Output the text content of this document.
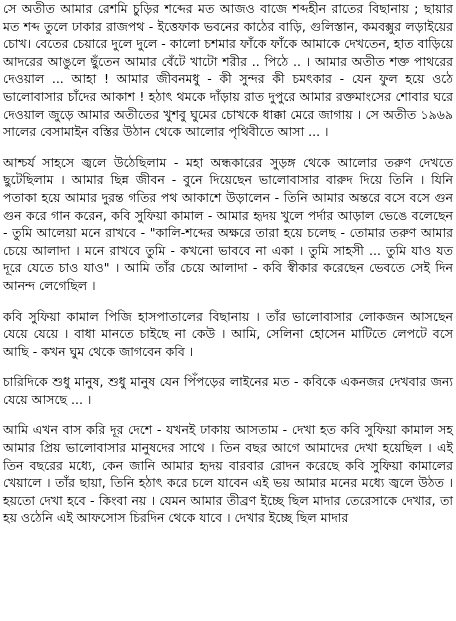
সে অতীত আমার রেশমি চুড়ির শব্দের মত আজও বাজে শব্দহীন রাতের বিছানায় ; ছায়ার মত শব্দ তুলে ঢাকার রাজপথ - ইত্তেফাক ভবনের কাঠের বাড়ি, গুলিস্তান, কমবক্সুর লড়াইয়ের চোখ। বেতের চেয়ারে দুলে দুলে - কালো চশমার ফাঁকে ফাঁকে আমাকে দেখতেন, হাত বাড়িয়ে আদরের আঙুলে ছুঁতেন আমার বেঁটে খাটো শরীর .. পিঠে .. । আমার অতীত শক্ত পাথরের দেওয়াল ... আহা ! আমার জীবনমধু - কী সুন্দর কী চমৎকার - যেন ফুল হয়ে ওঠে ভালোবাসার চাঁদের আকাশ ! হঠাৎ থমকে দাঁড়ায় রাত দুপুরে আমার রক্তমাংসের শোবার ঘরে দেওয়াল জুড়ে আমার অতীতের খুশবু ঘুমের চোখকে ধাক্কা মেরে জাগায় । সে অতীত ১৯৬৯ সালের বেসামাইন বস্তির উঠান থেকে আলোর পৃথিবীতে আসা ... ।

আশ্চর্য সাহসে জ্বলে উঠেছিলাম - মহা অন্ধকারের সুড়ঙ্গ থেকে আলোর তরুণ দেখতে ছুটেছিলাম । আমার ছিন্ন জীবন - বুনে দিয়েছেন ভালোবাসার বারুদ দিয়ে তিনি । যিনি পতাকা হয়ে আমার দুরন্ত গতির পথ আকাশে উড়ালেন - তিনি আমার অন্তরে বসে বসে গুন গুন করে গান করেন, কবি সুফিয়া কামাল - আমার হৃদয় খুলে পর্দার আড়াল ভেঙে বলেছেন - তুমি আলেয়া মনে রাখবে - "কালি-শব্দের অক্ষরে তারা হয়ে চলেছ - তোমার তরুণ আমার চেয়ে আলাদা । মনে রাখবে তুমি - কখনো ভাববে না একা । তুমি সাহসী ... তুমি যাও যত দূরে যেতে চাও যাও" । আমি তাঁর চেয়ে আলাদা - কবি স্বীকার করেছেন ভেবতে সেই দিন আনন্দ লেগেছিল ।

কবি সুফিয়া কামাল পিজি হাসপাতালের বিছানায় । তাঁর ভালোবাসার লোকজন আসছেন যেয়ে যেয়ে । বাধা মানতে চাইছে না কেউ । আমি, সেলিনা হোসেন মাটিতে লেপটে বসে আছি - কখন ঘুম থেকে জাগবেন কবি ।

চারিদিকে শুধু মানুষ, শুধু মানুষ যেন পিঁপড়ের লাইনের মত - কবিকে একনজর দেখবার জন্য যেয়ে আসছে ... ।

আমি এখন বাস করি দূর দেশে - যখনই ঢাকায় আসতাম - দেখা হত কবি সুফিয়া কামাল সহ আমার প্রিয় ভালোবাসার মানুষদের সাথে । তিন বছর আগে আমাদের দেখা হয়েছিল । এই তিন বছরের মধ্যে, কেন জানি আমার হৃদয় বারবার রোদন করেছে কবি সুফিয়া কামালের খেয়ালে । তাঁর ছায়া, তিনি হঠাৎ করে চলে যাবেন এই ভয় আমার মনের মধ্যে জ্বলে উঠত । হয়তো দেখা হবে - কিংবা নয় । যেমন আমার তীব্রণ ইচ্ছে ছিল মাদার তেরেসাকে দেখার, তা হয় ওঠেনি এই আফসোস চিরদিন থেকে যাবে । দেখার ইচ্ছে ছিল মাদার
